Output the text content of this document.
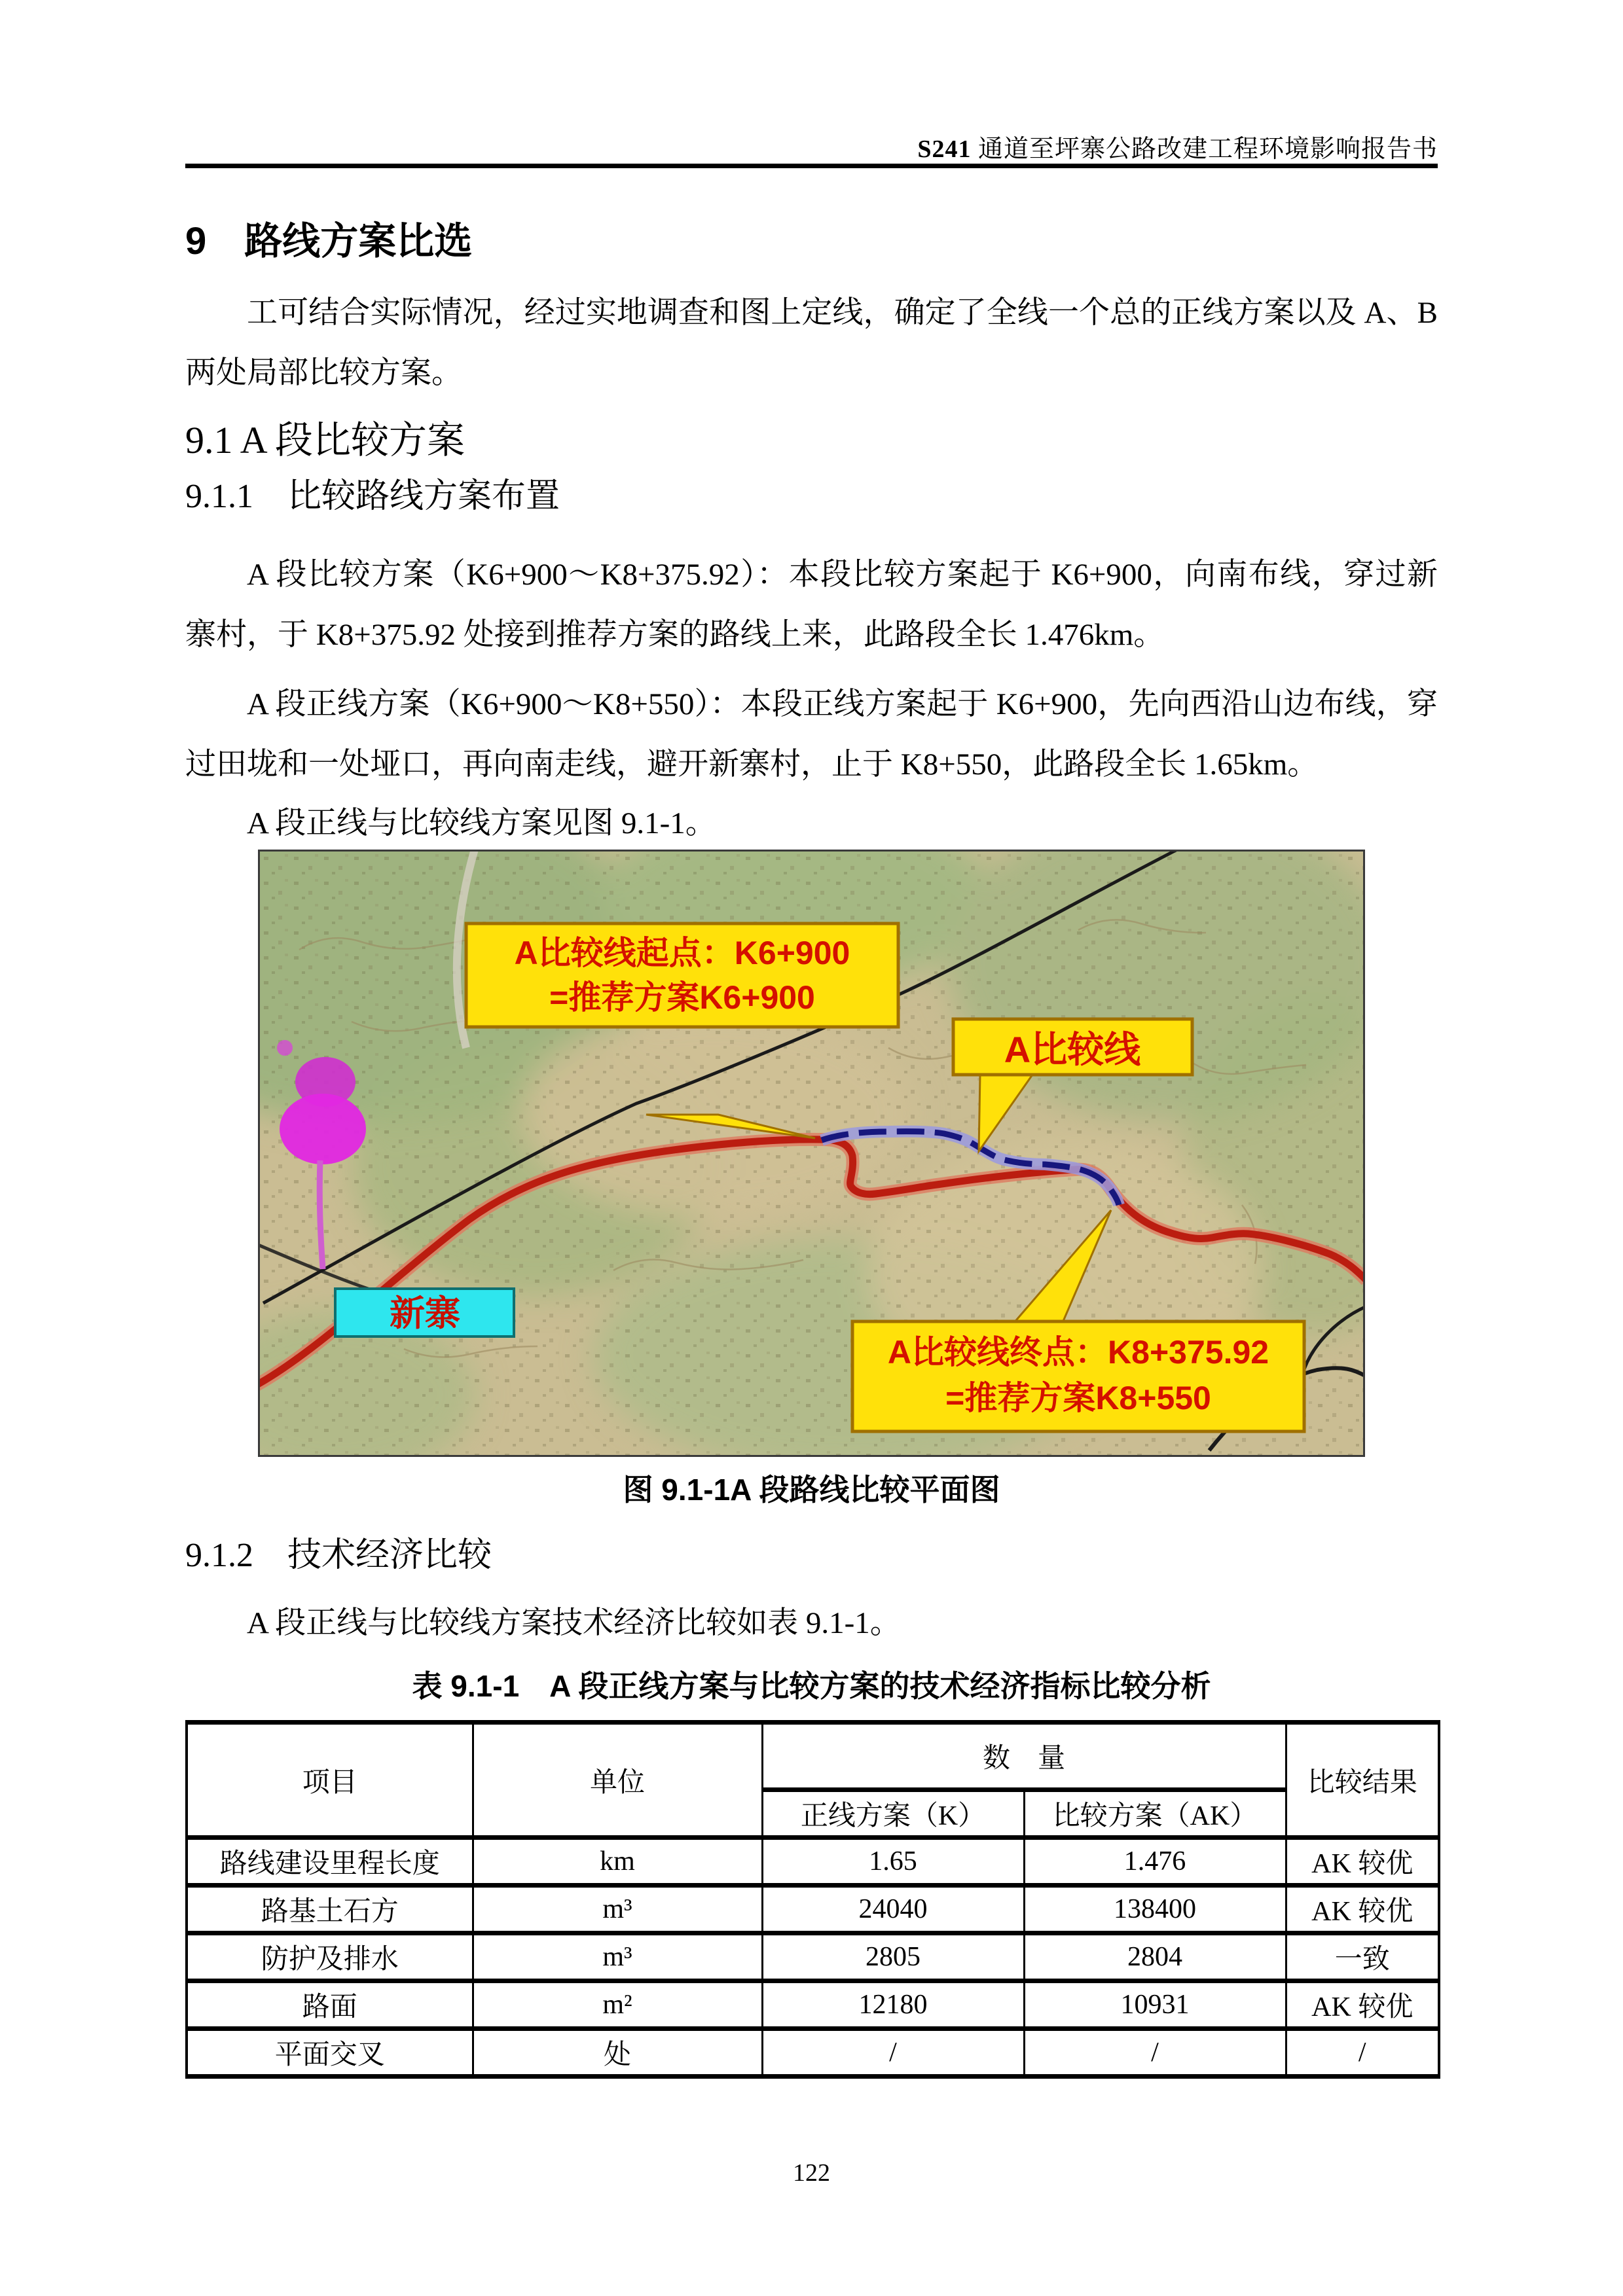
S241 通道至坪寨公路改建工程环境影响报告书
9　路线方案比选

工可结合实际情况，经过实地调查和图上定线，确定了全线一个总的正线方案以及 A、B 两处局部比较方案。

9.1 A 段比较方案
9.1.1　比较路线方案布置

A 段比较方案（K6+900～K8+375.92）：本段比较方案起于 K6+900，向南布线，穿过新寨村，于 K8+375.92 处接到推荐方案的路线上来，此路段全长 1.476km。

A 段正线方案（K6+900～K8+550）：本段正线方案起于 K6+900，先向西沿山边布线，穿过田垅和一处垭口，再向南走线，避开新寨村，止于 K8+550，此路段全长 1.65km。

A 段正线与比较线方案见图 9.1-1。

新寨
A比较线起点：K6+900
=推荐方案K6+900
A比较线
A比较线终点：K8+375.92
=推荐方案K8+550
图 9.1-1A 段路线比较平面图
9.1.2　技术经济比较

A 段正线与比较线方案技术经济比较如表 9.1-1。

表 9.1-1　A 段正线方案与比较方案的技术经济指标比较分析
项目	单位	数　量		比较结果
		正线方案（K）	比较方案（AK）	
路线建设里程长度	km	1.65	1.476	AK 较优
路基土石方	m³	24040	138400	AK 较优
防护及排水	m³	2805	2804	一致
路面	m²	12180	10931	AK 较优
平面交叉	处	/	/	/
122
